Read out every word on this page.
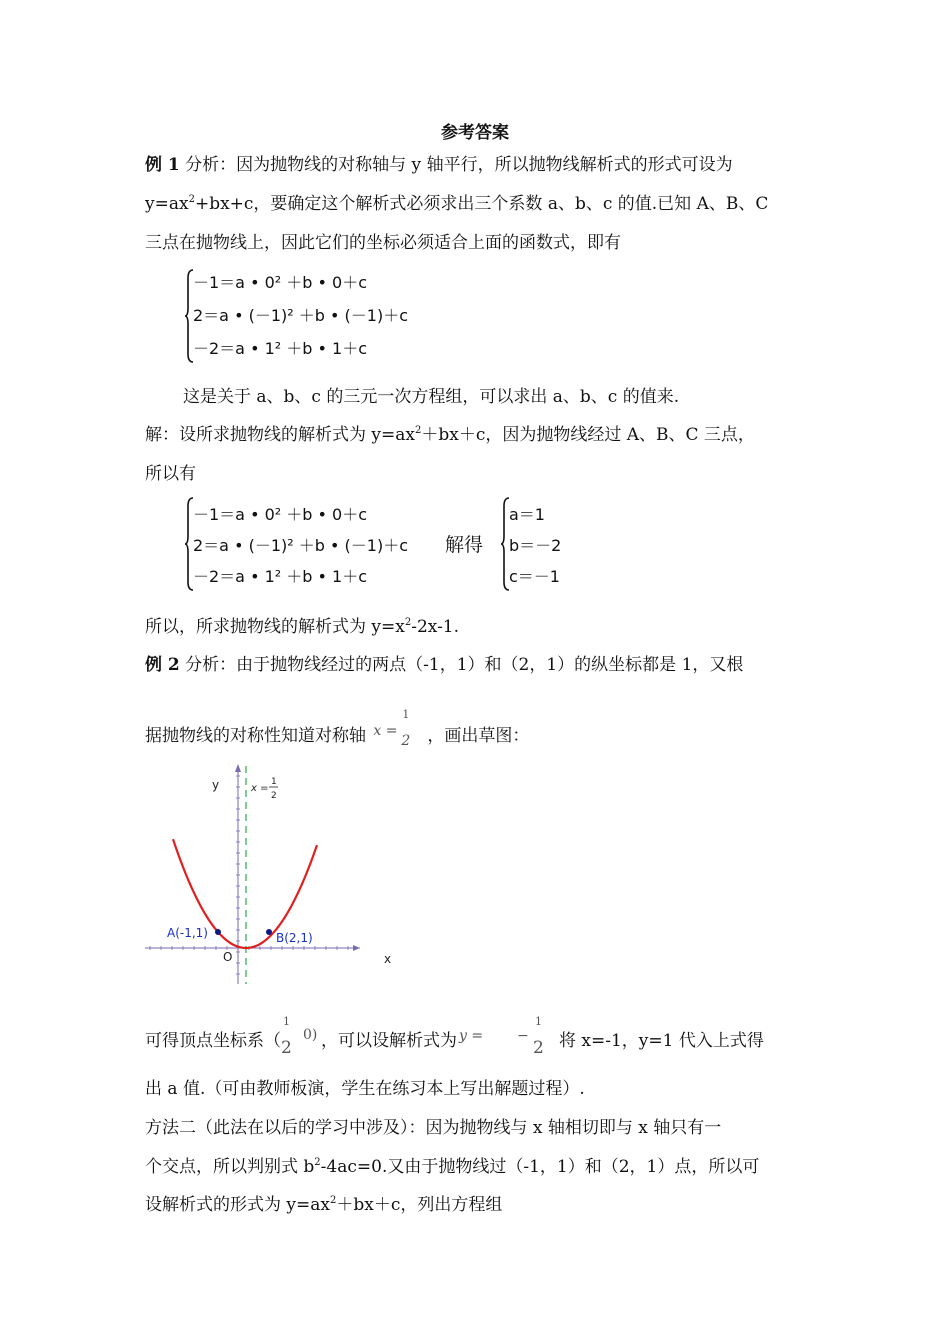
参考答案
例 1 分析：因为抛物线的对称轴与 y 轴平行，所以抛物线解析式的形式可设为
$y=ax^2+bx+c$，要确定这个解析式必须求出三个系数 a、b、c 的值.已知 A、B、C
三点在抛物线上，因此它们的坐标必须适合上面的函数式，即有
－1＝a • 0² ＋b • 0＋c
2＝a • (－1)² ＋b • (－1)＋c
－2＝a • 1² ＋b • 1＋c
这是关于 a、b、c 的三元一次方程组，可以求出 a、b、c 的值来.
解：设所求抛物线的解析式为 $y=ax^2+bx+c$，因为抛物线经过 A、B、C 三点，
所以有
－1＝a • 0² ＋b • 0＋c
2＝a • (－1)² ＋b • (－1)＋c
－2＝a • 1² ＋b • 1＋c
解得
a＝1
b＝－2
c＝－1
所以，所求抛物线的解析式为 $y=x^2-2x-1$.
例 2 分析：由于抛物线经过的两点（-1，1）和（2，1）的纵坐标都是 1，又根
据抛物线的对称性知道对称轴 x =
1
2 ，画出草图：
A(-1,1)	B(2,1)
y
x
O
x =
1
2
可得顶点坐标系（
1
2
0) ，可以设解析式为 y = −
1
2 将 x=-1，y=1 代入上式得
出 a 值.（可由教师板演，学生在练习本上写出解题过程）.
方法二（此法在以后的学习中涉及）：因为抛物线与 x 轴相切即与 x 轴只有一
个交点，所以判别式 $b^2-4ac=0$.又由于抛物线过（-1，1）和（2，1）点，所以可
设解析式的形式为 $y=ax^2+bx+c$，列出方程组
